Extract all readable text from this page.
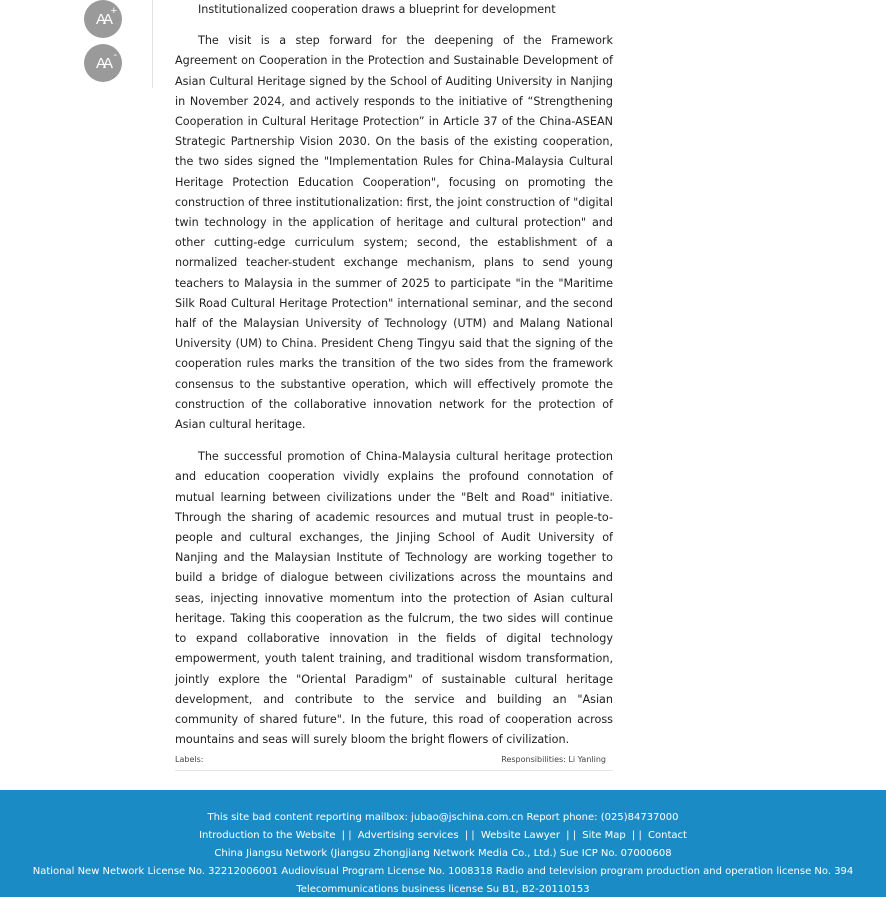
AA +
AA -

Institutionalized cooperation draws a blueprint for development

The visit is a step forward for the deepening of the Framework Agreement on Cooperation in the Protection and Sustainable Development of Asian Cultural Heritage signed by the School of Auditing University in Nanjing in November 2024, and actively responds to the initiative of “Strengthening Cooperation in Cultural Heritage Protection” in Article 37 of the China-ASEAN Strategic Partnership Vision 2030. On the basis of the existing cooperation, the two sides signed the "Implementation Rules for China-Malaysia Cultural Heritage Protection Education Cooperation", focusing on promoting the construction of three institutionalization: first, the joint construction of "digital twin technology in the application of heritage and cultural protection" and other cutting-edge curriculum system; second, the establishment of a normalized teacher-student exchange mechanism, plans to send young teachers to Malaysia in the summer of 2025 to participate "in the "Maritime Silk Road Cultural Heritage Protection" international seminar, and the second half of the Malaysian University of Technology (UTM) and Malang National University (UM) to China. President Cheng Tingyu said that the signing of the cooperation rules marks the transition of the two sides from the framework consensus to the substantive operation, which will effectively promote the construction of the collaborative innovation network for the protection of Asian cultural heritage.

The successful promotion of China-Malaysia cultural heritage protection and education cooperation vividly explains the profound connotation of mutual learning between civilizations under the "Belt and Road" initiative. Through the sharing of academic resources and mutual trust in people-to-people and cultural exchanges, the Jinjing School of Audit University of Nanjing and the Malaysian Institute of Technology are working together to build a bridge of dialogue between civilizations across the mountains and seas, injecting innovative momentum into the protection of Asian cultural heritage. Taking this cooperation as the fulcrum, the two sides will continue to expand collaborative innovation in the fields of digital technology empowerment, youth talent training, and traditional wisdom transformation, jointly explore the "Oriental Paradigm" of sustainable cultural heritage development, and contribute to the service and building an "Asian community of shared future". In the future, this road of cooperation across mountains and seas will surely bloom the bright flowers of civilization.

Labels:	Responsibilities: Li Yanling
This site bad content reporting mailbox: jubao@jschina.com.cn Report phone: (025)84737000
Introduction to the Website | | Advertising services | | Website Lawyer | | Site Map | | Contact
China Jiangsu Network (Jiangsu Zhongjiang Network Media Co., Ltd.) Sue ICP No. 07000608
National New Network License No. 32212006001 Audiovisual Program License No. 1008318 Radio and television program production and operation license No. 394
Telecommunications business license Su B1, B2-20110153
